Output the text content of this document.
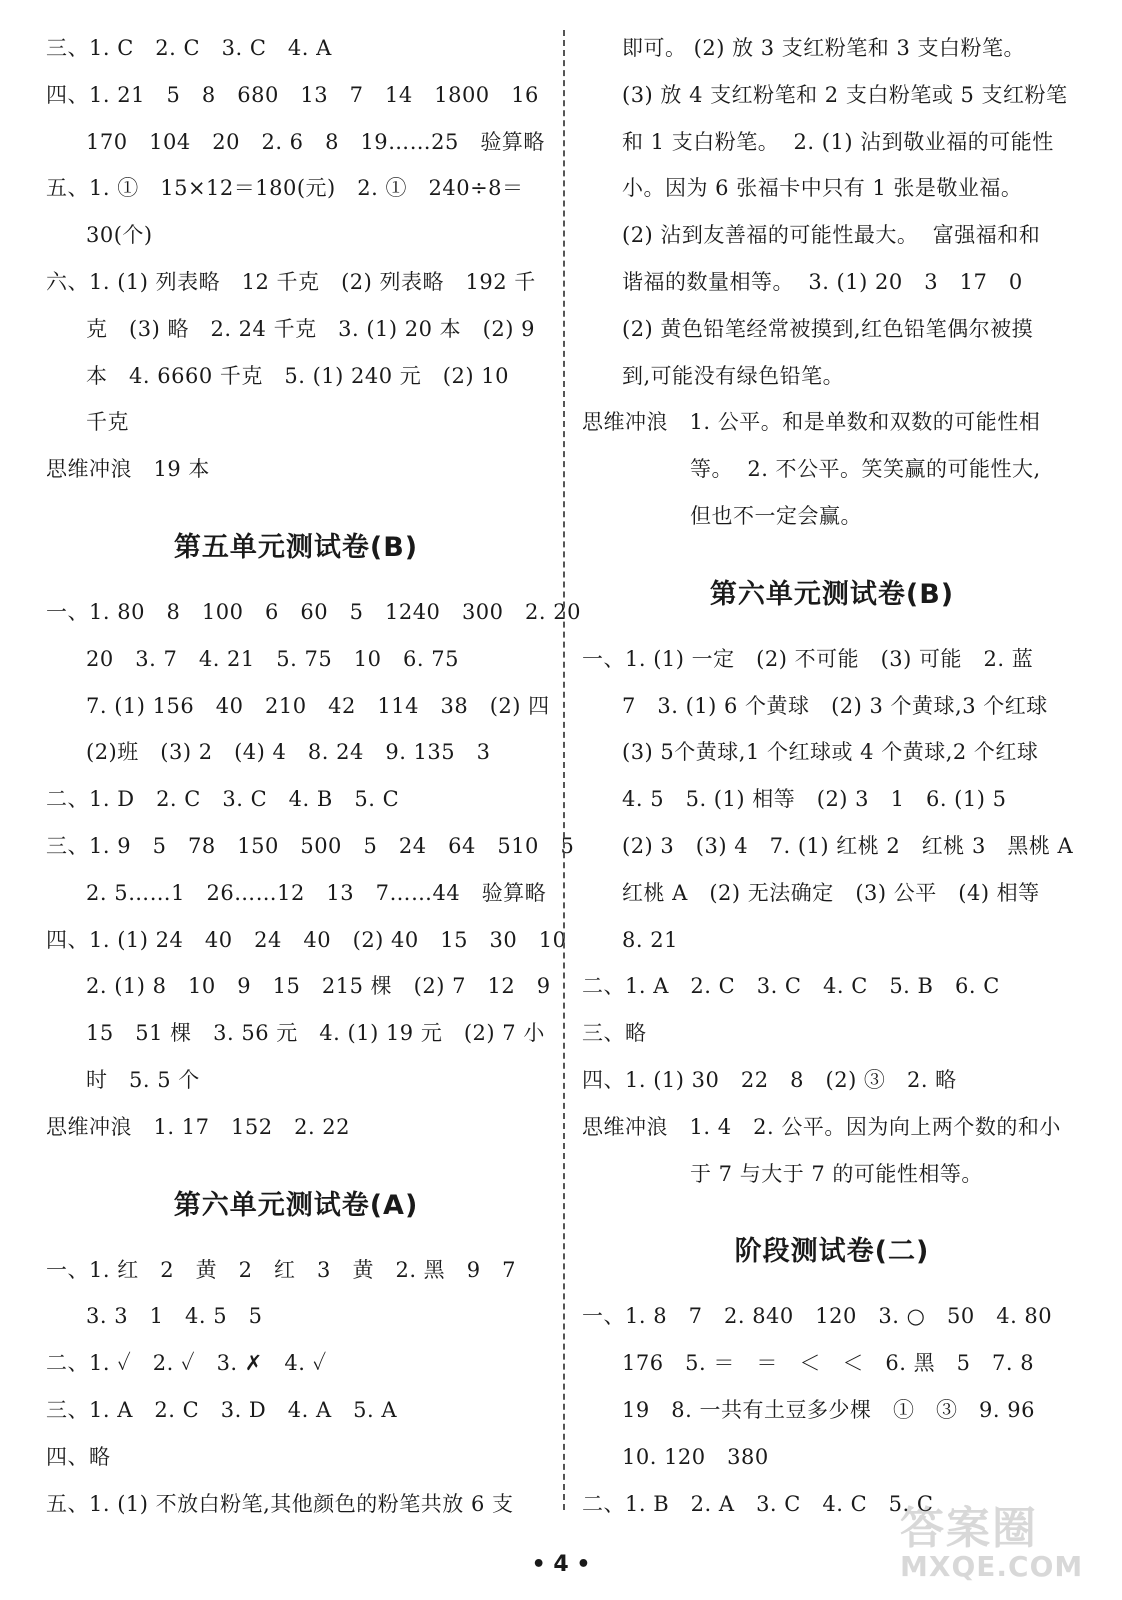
三、1. C   2. C   3. C   4. A
四、1. 21   5   8   680   13   7   14   1800   16
170   104   20   2. 6   8   19……25   验算略
五、1. ①   15×12＝180(元)   2. ①   240÷8＝
30(个)
六、1. (1) 列表略   12 千克   (2) 列表略   192 千
克   (3) 略   2. 24 千克   3. (1) 20 本   (2) 9
本   4. 6660 千克   5. (1) 240 元   (2) 10
千克
思维冲浪   19 本
第五单元测试卷(B)
一、1. 80   8   100   6   60   5   1240   300   2. 20
20   3. 7   4. 21   5. 75   10   6. 75
7. (1) 156   40   210   42   114   38   (2) 四
(2)班   (3) 2   (4) 4   8. 24   9. 135   3
二、1. D   2. C   3. C   4. B   5. C
三、1. 9   5   78   150   500   5   24   64   510   5
2. 5……1   26……12   13   7……44   验算略
四、1. (1) 24   40   24   40   (2) 40   15   30   10
2. (1) 8   10   9   15   215 棵   (2) 7   12   9
15   51 棵   3. 56 元   4. (1) 19 元   (2) 7 小
时   5. 5 个
思维冲浪   1. 17   152   2. 22
第六单元测试卷(A)
一、1. 红   2   黄   2   红   3   黄   2. 黑   9   7
3. 3   1   4. 5   5
二、1. ✓   2. ✓   3. ✗   4. ✓
三、1. A   2. C   3. D   4. A   5. A
四、略
五、1. (1) 不放白粉笔,其他颜色的粉笔共放 6 支
即可。 (2) 放 3 支红粉笔和 3 支白粉笔。
(3) 放 4 支红粉笔和 2 支白粉笔或 5 支红粉笔
和 1 支白粉笔。  2. (1) 沾到敬业福的可能性
小。因为 6 张福卡中只有 1 张是敬业福。
(2) 沾到友善福的可能性最大。  富强福和和
谐福的数量相等。  3. (1) 20   3   17   0
(2) 黄色铅笔经常被摸到,红色铅笔偶尔被摸
到,可能没有绿色铅笔。
思维冲浪   1. 公平。和是单数和双数的可能性相
等。  2. 不公平。笑笑赢的可能性大,
但也不一定会赢。
第六单元测试卷(B)
一、1. (1) 一定   (2) 不可能   (3) 可能   2. 蓝
7   3. (1) 6 个黄球   (2) 3 个黄球,3 个红球
(3) 5个黄球,1 个红球或 4 个黄球,2 个红球
4. 5   5. (1) 相等   (2) 3   1   6. (1) 5
(2) 3   (3) 4   7. (1) 红桃 2   红桃 3   黑桃 A
红桃 A   (2) 无法确定   (3) 公平   (4) 相等
8. 21
二、1. A   2. C   3. C   4. C   5. B   6. C
三、略
四、1. (1) 30   22   8   (2) ③   2. 略
思维冲浪   1. 4   2. 公平。因为向上两个数的和小
于 7 与大于 7 的可能性相等。
阶段测试卷(二)
一、1. 8   7   2. 840   120   3. ○   50   4. 80
176   5. ＝   ＝   ＜   ＜   6. 黑   5   7. 8
19   8. 一共有土豆多少棵   ①   ③   9. 96
10. 120   380
二、1. B   2. A   3. C   4. C   5. C
• 4 •
答案圈
MXQE.COM
